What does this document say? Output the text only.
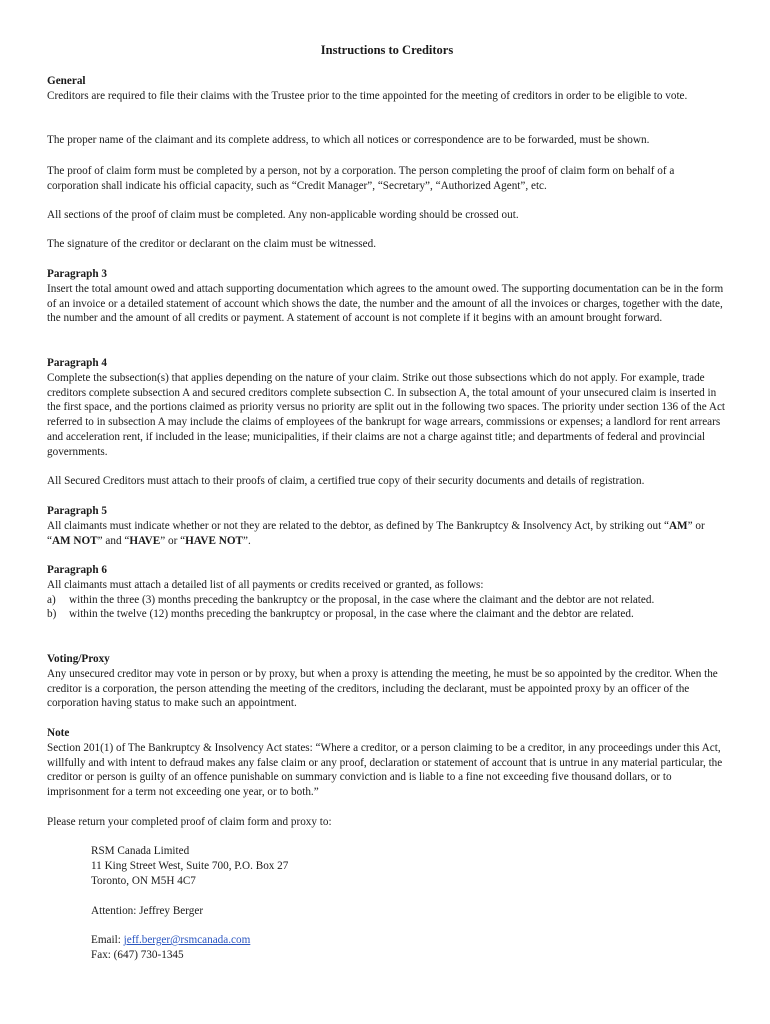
Instructions to Creditors
General
Creditors are required to file their claims with the Trustee prior to the time appointed for the meeting of creditors in order to be eligible to vote.
The proper name of the claimant and its complete address, to which all notices or correspondence are to be forwarded, must be shown.
The proof of claim form must be completed by a person, not by a corporation. The person completing the proof of claim form on behalf of a corporation shall indicate his official capacity, such as “Credit Manager”, “Secretary”, “Authorized Agent”, etc.
All sections of the proof of claim must be completed. Any non-applicable wording should be crossed out.
The signature of the creditor or declarant on the claim must be witnessed.
Paragraph 3
Insert the total amount owed and attach supporting documentation which agrees to the amount owed. The supporting documentation can be in the form of an invoice or a detailed statement of account which shows the date, the number and the amount of all the invoices or charges, together with the date, the number and the amount of all credits or payment. A statement of account is not complete if it begins with an amount brought forward.
Paragraph 4
Complete the subsection(s) that applies depending on the nature of your claim. Strike out those subsections which do not apply. For example, trade creditors complete subsection A and secured creditors complete subsection C. In subsection A, the total amount of your unsecured claim is inserted in the first space, and the portions claimed as priority versus no priority are split out in the following two spaces. The priority under section 136 of the Act referred to in subsection A may include the claims of employees of the bankrupt for wage arrears, commissions or expenses; a landlord for rent arrears and acceleration rent, if included in the lease; municipalities, if their claims are not a charge against title; and departments of federal and provincial governments.
All Secured Creditors must attach to their proofs of claim, a certified true copy of their security documents and details of registration.
Paragraph 5
All claimants must indicate whether or not they are related to the debtor, as defined by The Bankruptcy & Insolvency Act, by striking out “AM” or “AM NOT” and “HAVE” or “HAVE NOT”.
Paragraph 6
All claimants must attach a detailed list of all payments or credits received or granted, as follows:
a) within the three (3) months preceding the bankruptcy or the proposal, in the case where the claimant and the debtor are not related.
b) within the twelve (12) months preceding the bankruptcy or proposal, in the case where the claimant and the debtor are related.
Voting/Proxy
Any unsecured creditor may vote in person or by proxy, but when a proxy is attending the meeting, he must be so appointed by the creditor. When the creditor is a corporation, the person attending the meeting of the creditors, including the declarant, must be appointed proxy by an officer of the corporation having status to make such an appointment.
Note
Section 201(1) of The Bankruptcy & Insolvency Act states: “Where a creditor, or a person claiming to be a creditor, in any proceedings under this Act, willfully and with intent to defraud makes any false claim or any proof, declaration or statement of account that is untrue in any material particular, the creditor or person is guilty of an offence punishable on summary conviction and is liable to a fine not exceeding five thousand dollars, or to imprisonment for a term not exceeding one year, or to both.”
Please return your completed proof of claim form and proxy to:
RSM Canada Limited
11 King Street West, Suite 700, P.O. Box 27
Toronto, ON M5H 4C7
Attention: Jeffrey Berger
Email: jeff.berger@rsmcanada.com
Fax: (647) 730-1345
